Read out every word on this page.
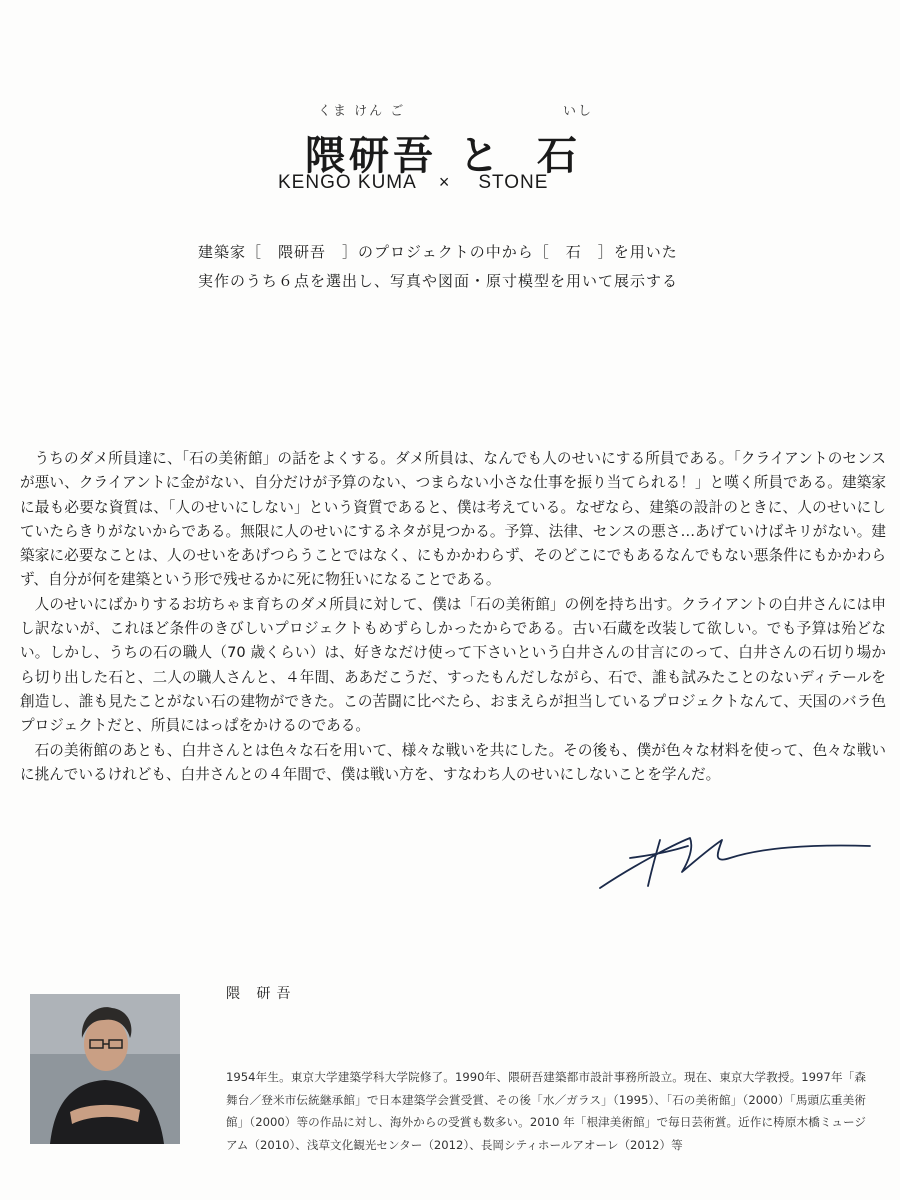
くま けん ご	いし
隈研吾 と 石
KENGO KUMA × STONE

建築家［　隈研吾　］のプロジェクトの中から［　石　］を用いた

実作のうち６点を選出し、写真や図面・原寸模型を用いて展示する

うちのダメ所員達に、「石の美術館」の話をよくする。ダメ所員は、なんでも人のせいにする所員である。「クライアントのセンスが悪い、クライアントに金がない、自分だけが予算のない、つまらない小さな仕事を振り当てられる！」と嘆く所員である。建築家に最も必要な資質は、「人のせいにしない」という資質であると、僕は考えている。なぜなら、建築の設計のときに、人のせいにしていたらきりがないからである。無限に人のせいにするネタが見つかる。予算、法律、センスの悪さ…あげていけばキリがない。建築家に必要なことは、人のせいをあげつらうことではなく、にもかかわらず、そのどこにでもあるなんでもない悪条件にもかかわらず、自分が何を建築という形で残せるかに死に物狂いになることである。

人のせいにばかりするお坊ちゃま育ちのダメ所員に対して、僕は「石の美術館」の例を持ち出す。クライアントの白井さんには申し訳ないが、これほど条件のきびしいプロジェクトもめずらしかったからである。古い石蔵を改装して欲しい。でも予算は殆どない。しかし、うちの石の職人（70 歳くらい）は、好きなだけ使って下さいという白井さんの甘言にのって、白井さんの石切り場から切り出した石と、二人の職人さんと、４年間、ああだこうだ、すったもんだしながら、石で、誰も試みたことのないディテールを創造し、誰も見たことがない石の建物ができた。この苦闘に比べたら、おまえらが担当しているプロジェクトなんて、天国のバラ色プロジェクトだと、所員にはっぱをかけるのである。

石の美術館のあとも、白井さんとは色々な石を用いて、様々な戦いを共にした。その後も、僕が色々な材料を使って、色々な戦いに挑んでいるけれども、白井さんとの４年間で、僕は戦い方を、すなわち人のせいにしないことを学んだ。

隈 研吾

1954年生。東京大学建築学科大学院修了。1990年、隈研吾建築都市設計事務所設立。現在、東京大学教授。1997年「森舞台／登米市伝統継承館」で日本建築学会賞受賞、その後「水／ガラス」（1995）、「石の美術館」（2000）「馬頭広重美術館」（2000）等の作品に対し、海外からの受賞も数多い。2010 年「根津美術館」で毎日芸術賞。近作に梼原木橋ミュージアム（2010）、浅草文化観光センター（2012）、長岡シティホールアオーレ（2012）等
